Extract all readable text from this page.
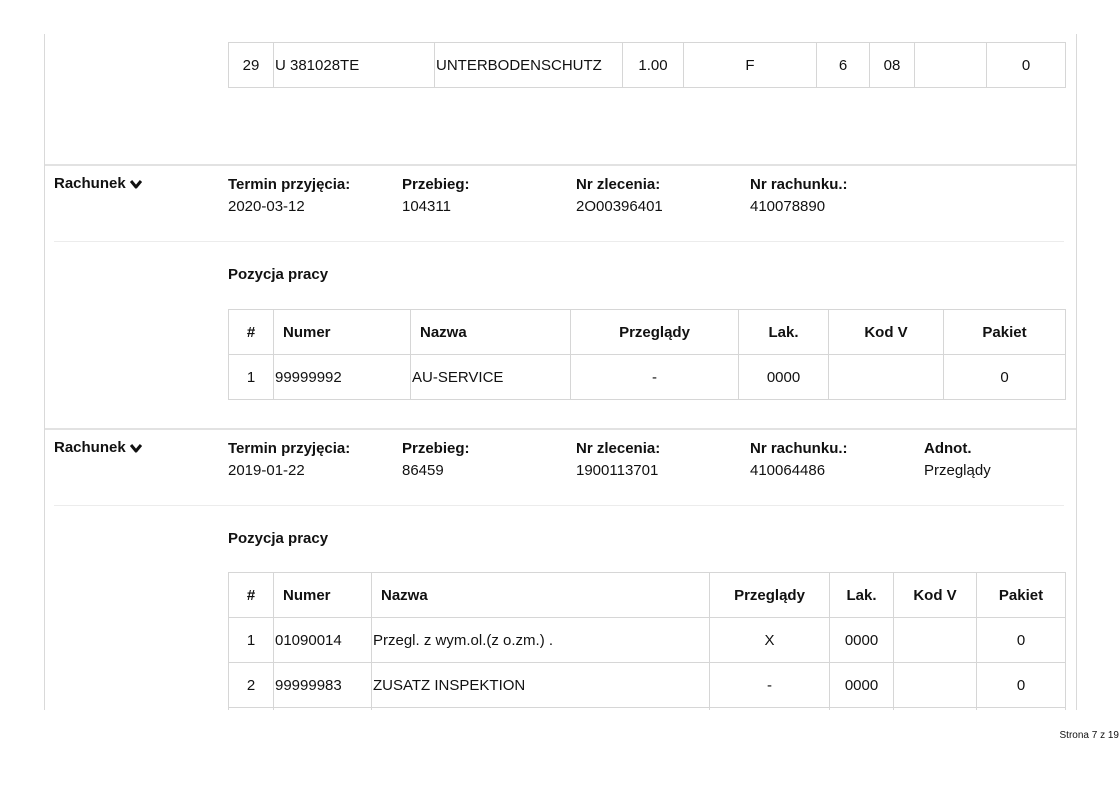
29	U 381028TE	UNTERBODENSCHUTZ	1.00	F	6	08		0
Rachunek	Termin przyjęcia:
2020-03-12
Przebieg:
104311
Nr zlecenia:
2O00396401
Nr rachunku.:
410078890
Pozycja pracy
#	Numer	Nazwa	Przeglądy	Lak.	Kod V	Pakiet
1	99999992	AU-SERVICE	-	0000		0
Rachunek	Termin przyjęcia:
2019-01-22
Przebieg:
86459
Nr zlecenia:
1900113701
Nr rachunku.:
410064486
Adnot.
Przeglądy
Pozycja pracy
#	Numer	Nazwa	Przeglądy	Lak.	Kod V	Pakiet
1	01090014	Przegl. z wym.ol.(z o.zm.) .	X	0000		0
2	99999983	ZUSATZ INSPEKTION	-	0000		0

Strona 7 z 19
